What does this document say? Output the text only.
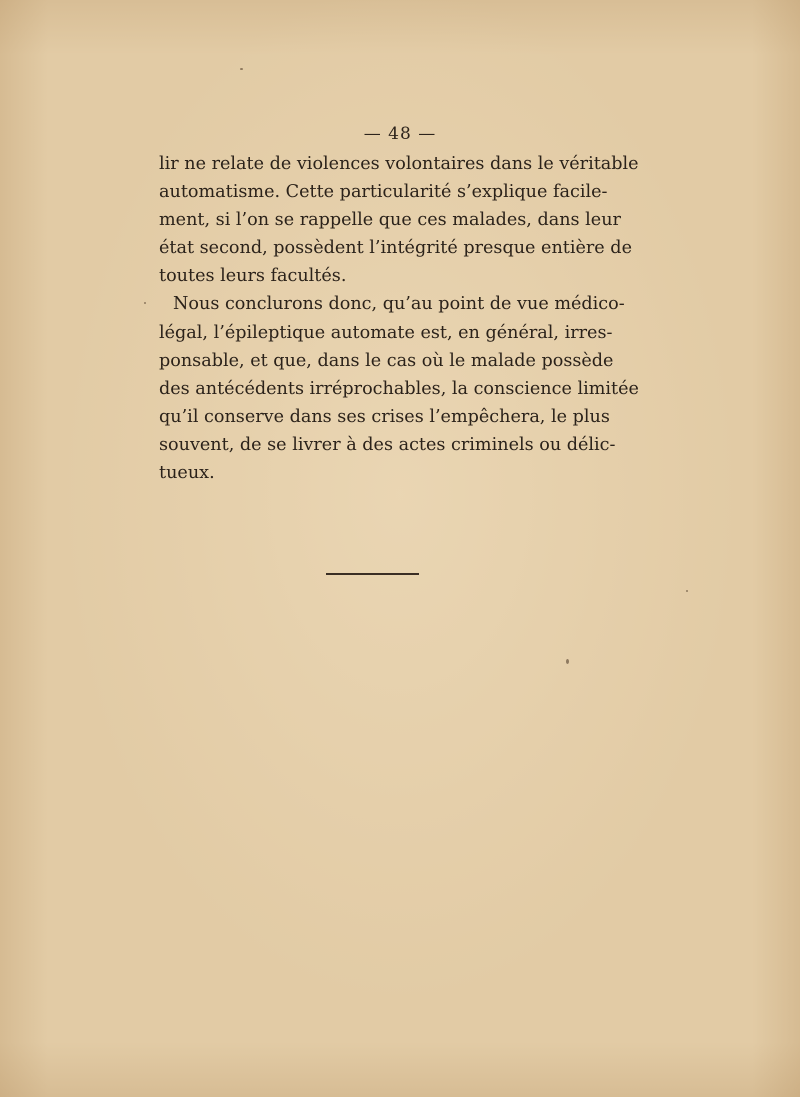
— 48 —
lir ne relate de violences volontaires dans le véritable
automatisme. Cette particularité s’explique facile-
ment, si l’on se rappelle que ces malades, dans leur
état second, possèdent l’intégrité presque entière de
toutes leurs facultés.
Nous conclurons donc, qu’au point de vue médico-
légal, l’épileptique automate est, en général, irres-
ponsable, et que, dans le cas où le malade possède
des antécédents irréprochables, la conscience limitée
qu’il conserve dans ses crises l’empêchera, le plus
souvent, de se livrer à des actes criminels ou délic-
tueux.
